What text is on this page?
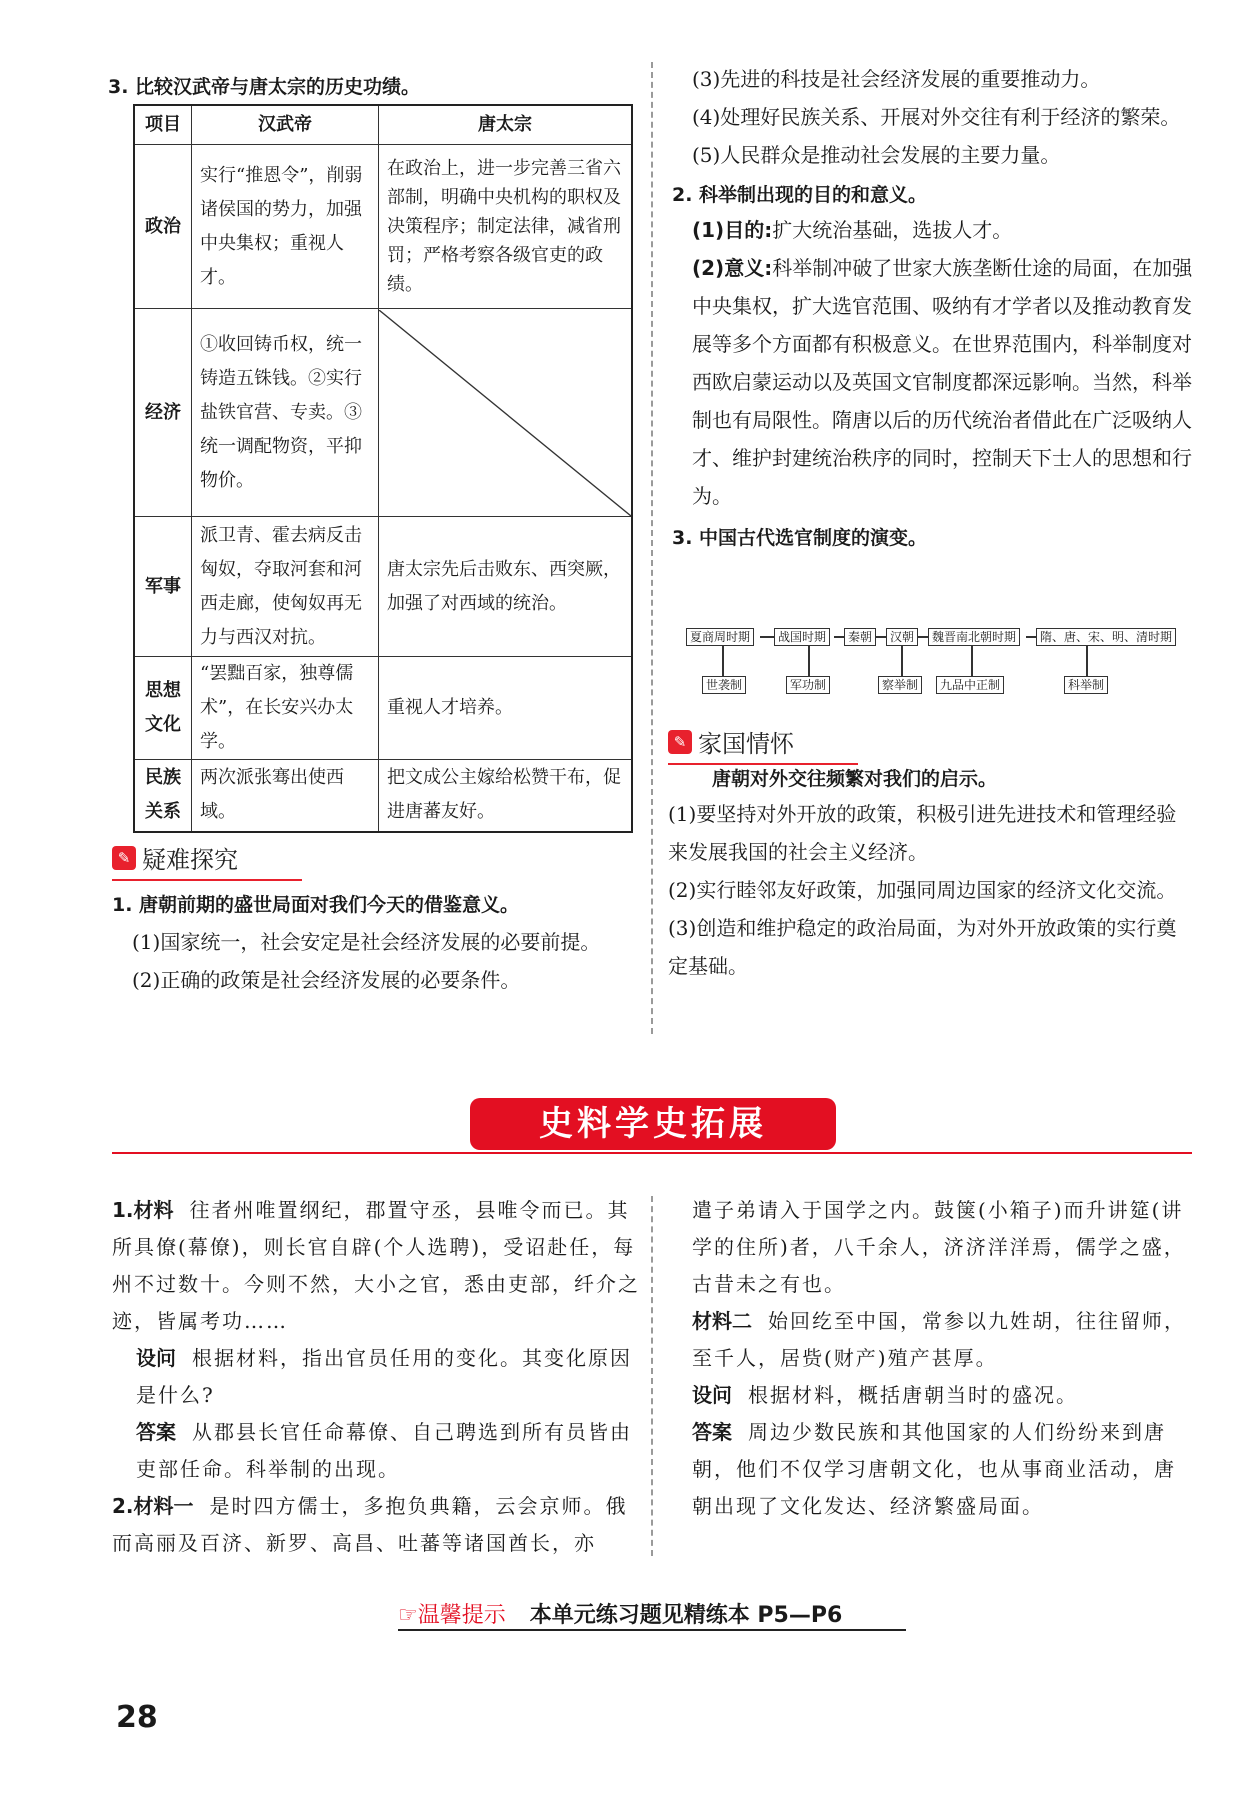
3. 比较汉武帝与唐太宗的历史功绩。

项目	汉武帝	唐太宗
政治	实行“推恩令”，削弱诸侯国的势力，加强中央集权；重视人才。	在政治上，进一步完善三省六部制，明确中央机构的职权及决策程序；制定法律，减省刑罚；严格考察各级官吏的政绩。
经济	①收回铸币权，统一铸造五铢钱。②实行盐铁官营、专卖。③统一调配物资，平抑物价。	

军事	派卫青、霍去病反击匈奴，夺取河套和河西走廊，使匈奴再无力与西汉对抗。	唐太宗先后击败东、西突厥，加强了对西域的统治。
思想文化	“罢黜百家，独尊儒术”，在长安兴办太学。	重视人才培养。
民族关系	两次派张骞出使西域。	把文成公主嫁给松赞干布，促进唐蕃友好。
✎ 疑难探究

1. 唐朝前期的盛世局面对我们今天的借鉴意义。

(1)国家统一，社会安定是社会经济发展的必要前提。

(2)正确的政策是社会经济发展的必要条件。

(3)先进的科技是社会经济发展的重要推动力。

(4)处理好民族关系、开展对外交往有利于经济的繁荣。

(5)人民群众是推动社会发展的主要力量。

2. 科举制出现的目的和意义。

(1)目的:扩大统治基础，选拔人才。

(2)意义:科举制冲破了世家大族垄断仕途的局面，在加强中央集权，扩大选官范围、吸纳有才学者以及推动教育发展等多个方面都有积极意义。在世界范围内，科举制度对西欧启蒙运动以及英国文官制度都深远影响。当然，科举制也有局限性。隋唐以后的历代统治者借此在广泛吸纳人才、维护封建统治秩序的同时，控制天下士人的思想和行为。

3. 中国古代选官制度的演变。

夏商周时期	战国时期	秦朝	汉朝	魏晋南北朝时期	隋、唐、宋、明、清时期
世袭制	军功制	察举制	九品中正制	科举制
✎ 家国情怀

唐朝对外交往频繁对我们的启示。

(1)要坚持对外开放的政策，积极引进先进技术和管理经验来发展我国的社会主义经济。

(2)实行睦邻友好政策，加强同周边国家的经济文化交流。

(3)创造和维护稳定的政治局面，为对外开放政策的实行奠定基础。

史料学史拓展
1.材料 往者州唯置纲纪，郡置守丞，县唯令而已。其所具僚(幕僚)，则长官自辟(个人选聘)，受诏赴任，每州不过数十。今则不然，大小之官，悉由吏部，纤介之迹，皆属考功……
设问 根据材料，指出官员任用的变化。其变化原因是什么?
答案 从郡县长官任命幕僚、自己聘选到所有员皆由吏部任命。科举制的出现。
2.材料一 是时四方儒士，多抱负典籍，云会京师。俄而高丽及百济、新罗、高昌、吐蕃等诸国酋长，亦
遣子弟请入于国学之内。鼓箧(小箱子)而升讲筵(讲学的住所)者，八千余人，济济洋洋焉，儒学之盛，古昔未之有也。
材料二 始回纥至中国，常参以九姓胡，往往留师，至千人，居赀(财产)殖产甚厚。
设问 根据材料，概括唐朝当时的盛况。
答案 周边少数民族和其他国家的人们纷纷来到唐朝，他们不仅学习唐朝文化，也从事商业活动，唐朝出现了文化发达、经济繁盛局面。
☞温馨提示 本单元练习题见精练本 P5—P6
28
